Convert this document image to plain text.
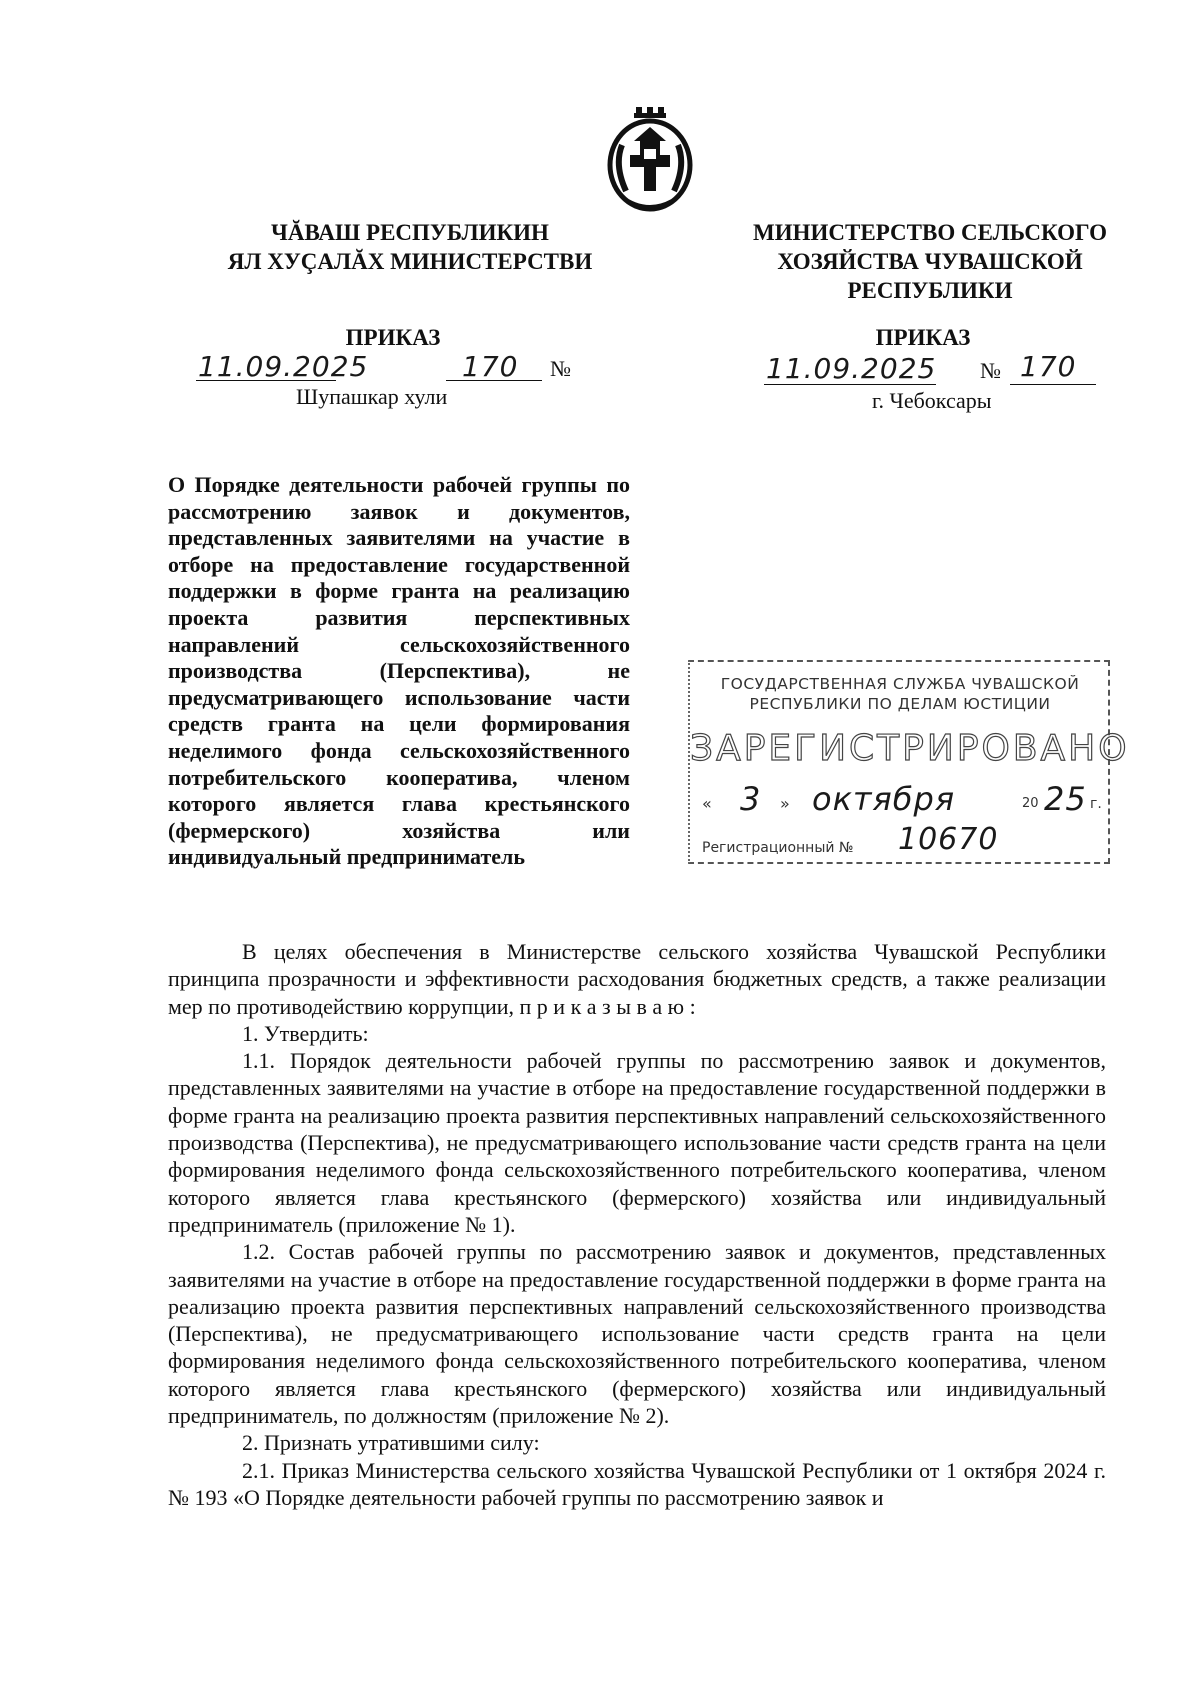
ЧĂВАШ РЕСПУБЛИКИН
ЯЛ ХУÇАЛĂХ МИНИСТЕРСТВИ
МИНИСТЕРСТВО СЕЛЬСКОГО
ХОЗЯЙСТВА ЧУВАШСКОЙ
РЕСПУБЛИКИ
ПРИКАЗ
11.09.2025	170 №
Шупашкар хули
ПРИКАЗ
11.09.2025 № 170
г. Чебоксары
О Порядке деятельности рабочей группы по рассмотрению заявок и документов, представленных заявителями на участие в отборе на предоставление государственной поддержки в форме гранта на реализацию проекта развития перспективных направлений сельскохозяйственного производства (Перспектива), не предусматривающего использование части средств гранта на цели формирования неделимого фонда сельскохозяйственного потребительского кооператива, членом которого является глава крестьянского (фермерского) хозяйства или индивидуальный предприниматель
ГОСУДАРСТВЕННАЯ СЛУЖБА ЧУВАШСКОЙ
РЕСПУБЛИКИ ПО ДЕЛАМ ЮСТИЦИИ
ЗАРЕГИСТРИРОВАНО
« 3 » октября	20 25 г.
Регистрационный № 10670

В целях обеспечения в Министерстве сельского хозяйства Чувашской Республики принципа прозрачности и эффективности расходования бюджетных средств, а также реализации мер по противодействию коррупции, п р и к а з ы в а ю :

1. Утвердить:

1.1. Порядок деятельности рабочей группы по рассмотрению заявок и документов, представленных заявителями на участие в отборе на предоставление государственной поддержки в форме гранта на реализацию проекта развития перспективных направлений сельскохозяйственного производства (Перспектива), не предусматривающего использование части средств гранта на цели формирования неделимого фонда сельскохозяйственного потребительского кооператива, членом которого является глава крестьянского (фермерского) хозяйства или индивидуальный предприниматель (приложение № 1).

1.2. Состав рабочей группы по рассмотрению заявок и документов, представленных заявителями на участие в отборе на предоставление государственной поддержки в форме гранта на реализацию проекта развития перспективных направлений сельскохозяйственного производства (Перспектива), не предусматривающего использование части средств гранта на цели формирования неделимого фонда сельскохозяйственного потребительского кооператива, членом которого является глава крестьянского (фермерского) хозяйства или индивидуальный предприниматель, по должностям (приложение № 2).

2. Признать утратившими силу:

2.1. Приказ Министерства сельского хозяйства Чувашской Республики от 1 октября 2024 г. № 193 «О Порядке деятельности рабочей группы по рассмотрению заявок и
